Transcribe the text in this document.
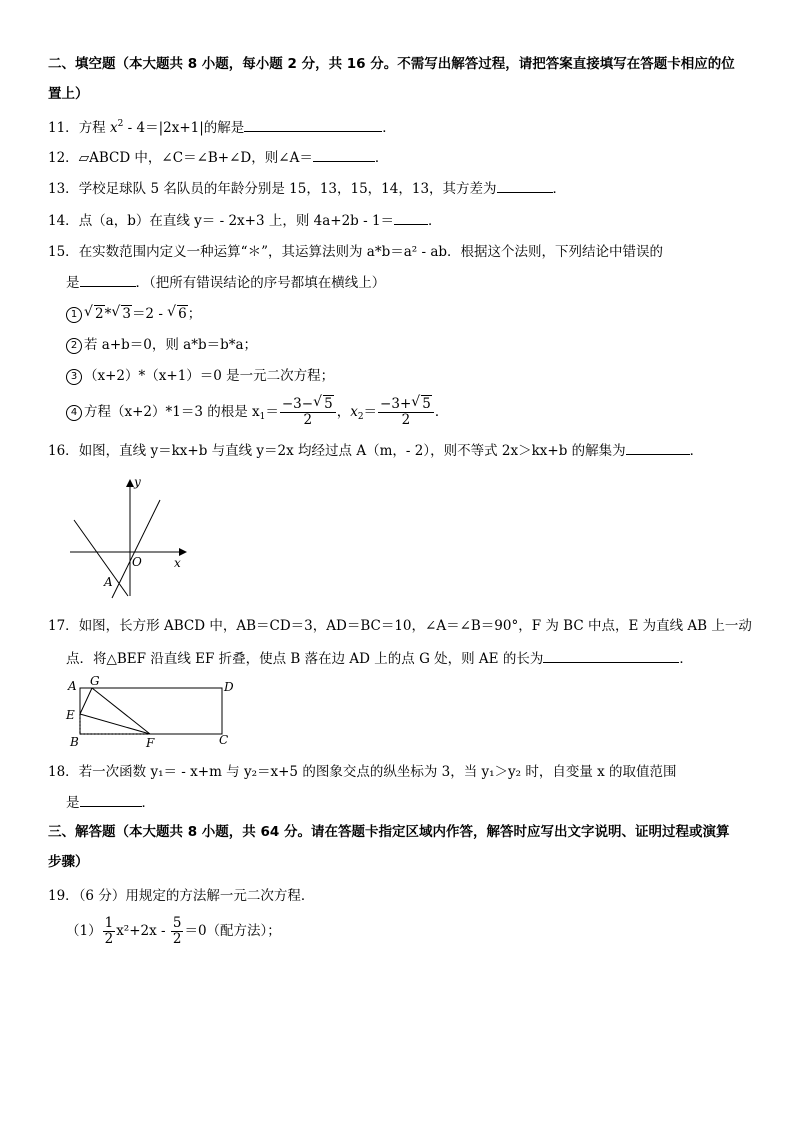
二、填空题（本大题共 8 小题，每小题 2 分，共 16 分。不需写出解答过程，请把答案直接填写在答题卡相应的位
置上）
11．方程 $x^2 - 4=|2x+1|$的解是	．
12．▱ABCD 中，∠C＝∠B+∠D，则∠A＝	．
13．学校足球队 5 名队员的年龄分别是 15，13，15，14，13，其方差为	．
14．点（a，b）在直线 y＝ - 2x+3 上，则 4a+2b - 1＝	．
15．在实数范围内定义一种运算“＊”，其运算法则为 a*b＝a² - ab．根据这个法则，下列结论中错误的
是	．（把所有错误结论的序号都填在横线上）
1 √ 2* √ 3＝2 - √ 6；
2 若 a+b＝0，则 a*b＝b*a；
3 （x+2）*（x+1）＝0 是一元二次方程；
4 方程（x+2）*1＝3 的根是 $x_1= \frac{-3- √ 5}{2}$ ，$x_2= \frac{-3+ √ 5}{2}$ ．
16．如图，直线 y＝kx+b 与直线 y＝2x 均经过点 A（m，- 2），则不等式 2x＞kx+b 的解集为	．
y
x
O
A
17．如图，长方形 ABCD 中，AB＝CD＝3，AD＝BC＝10，∠A＝∠B＝90°，F 为 BC 中点，E 为直线 AB 上一动
点．将△BEF 沿直线 EF 折叠，使点 B 落在边 AD 上的点 G 处，则 AE 的长为	．
A G	D
E
B	F	C
18．若一次函数 y₁＝ - x+m 与 y₂＝x+5 的图象交点的纵坐标为 3，当 y₁＞y₂ 时，自变量 x 的取值范围
是	．
三、解答题（本大题共 8 小题，共 64 分。请在答题卡指定区域内作答，解答时应写出文字说明、证明过程或演算
步骤）
19．（6 分）用规定的方法解一元二次方程．
$(1) \frac{1}{2} x^2+2x - \frac{5}{2} =0$（配方法）；
